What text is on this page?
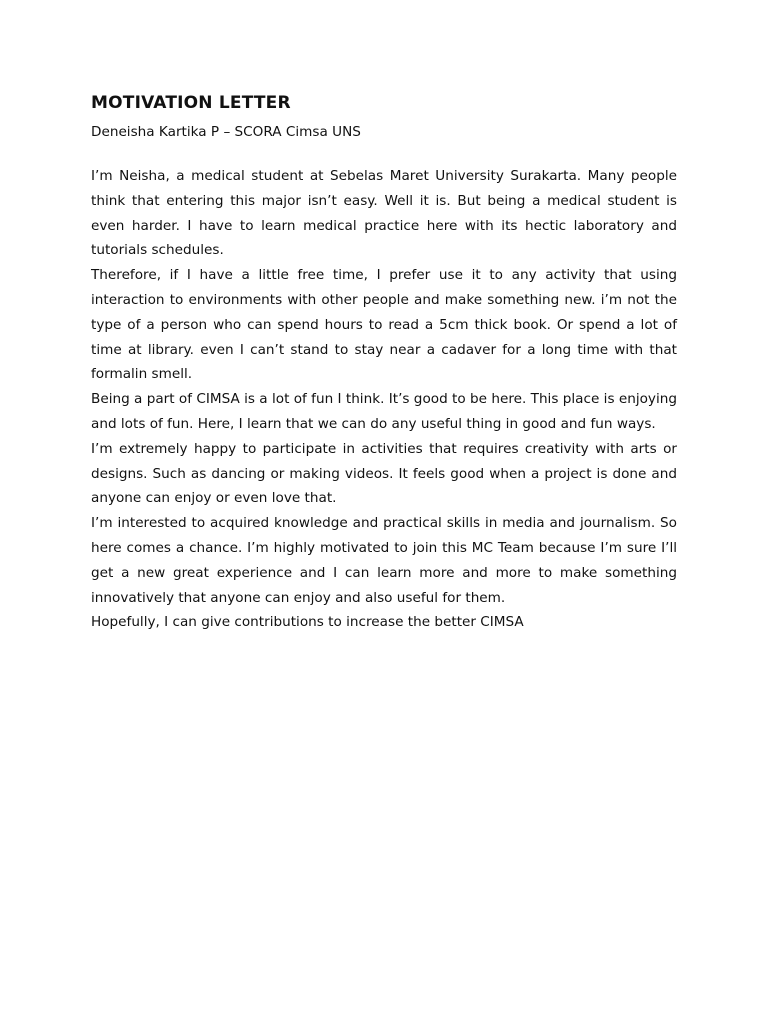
MOTIVATION LETTER

Deneisha Kartika P – SCORA Cimsa UNS

I’m Neisha, a medical student at Sebelas Maret University Surakarta. Many people think that entering this major isn’t easy. Well it is. But being a medical student is even harder. I have to learn medical practice here with its hectic laboratory and tutorials schedules.

Therefore, if I have a little free time, I prefer use it to any activity that using interaction to environments with other people and make something new. i’m not the type of a person who can spend hours to read a 5cm thick book. Or spend a lot of time at library. even I can’t stand to stay near a cadaver for a long time with that formalin smell.

Being a part of CIMSA is a lot of fun I think. It’s good to be here. This place is enjoying and lots of fun. Here, I learn that we can do any useful thing in good and fun ways.

I’m extremely happy to participate in activities that requires creativity with arts or designs. Such as dancing or making videos. It feels good when a project is done and anyone can enjoy or even love that.

I’m interested to acquired knowledge and practical skills in media and journalism. So here comes a chance. I’m highly motivated to join this MC Team because I’m sure I’ll get a new great experience and I can learn more and more to make something innovatively that anyone can enjoy and also useful for them.

Hopefully, I can give contributions to increase the better CIMSA
